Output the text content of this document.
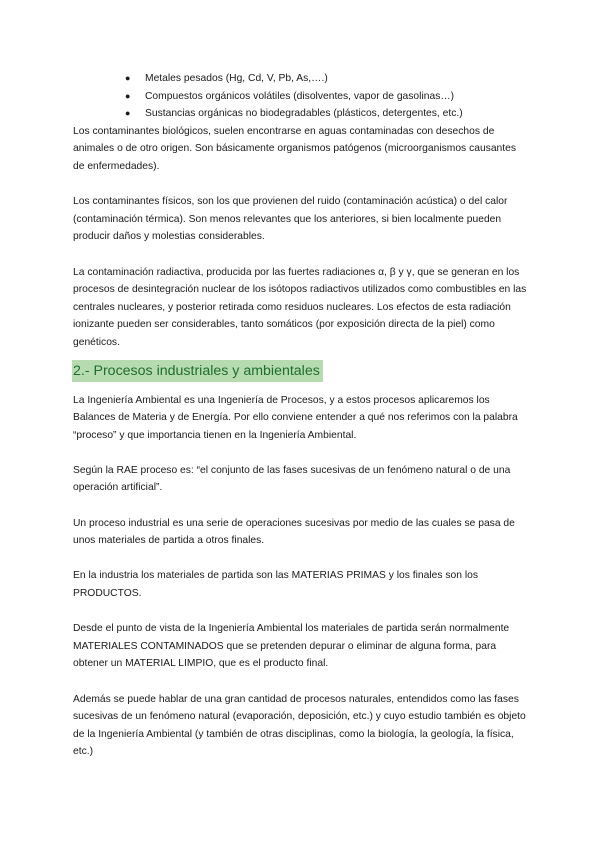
● Metales pesados (Hg, Cd, V, Pb, As,….)
● Compuestos orgánicos volátiles (disolventes, vapor de gasolinas…)
● Sustancias orgánicas no biodegradables (plásticos, detergentes, etc.)

Los contaminantes biológicos, suelen encontrarse en aguas contaminadas con desechos de animales o de otro origen. Son básicamente organismos patógenos (microorganismos causantes de enfermedades).

Los contaminantes físicos, son los que provienen del ruido (contaminación acústica) o del calor (contaminación térmica). Son menos relevantes que los anteriores, si bien localmente pueden producir daños y molestias considerables.

La contaminación radiactiva, producida por las fuertes radiaciones α, β y γ, que se generan en los procesos de desintegración nuclear de los isótopos radiactivos utilizados como combustibles en las centrales nucleares, y posterior retirada como residuos nucleares. Los efectos de esta radiación ionizante pueden ser considerables, tanto somáticos (por exposición directa de la piel) como genéticos.

2.- Procesos industriales y ambientales

La Ingeniería Ambiental es una Ingeniería de Procesos, y a estos procesos aplicaremos los Balances de Materia y de Energía. Por ello conviene entender a qué nos referimos con la palabra “proceso” y que importancia tienen en la Ingeniería Ambiental.

Según la RAE proceso es: “el conjunto de las fases sucesivas de un fenómeno natural o de una operación artificial”.

Un proceso industrial es una serie de operaciones sucesivas por medio de las cuales se pasa de unos materiales de partida a otros finales.

En la industria los materiales de partida son las MATERIAS PRIMAS y los finales son los PRODUCTOS.

Desde el punto de vista de la Ingeniería Ambiental los materiales de partida serán normalmente MATERIALES CONTAMINADOS que se pretenden depurar o eliminar de alguna forma, para obtener un MATERIAL LIMPIO, que es el producto final.

Además se puede hablar de una gran cantidad de procesos naturales, entendidos como las fases sucesivas de un fenómeno natural (evaporación, deposición, etc.) y cuyo estudio también es objeto de la Ingeniería Ambiental (y también de otras disciplinas, como la biología, la geología, la física, etc.)
